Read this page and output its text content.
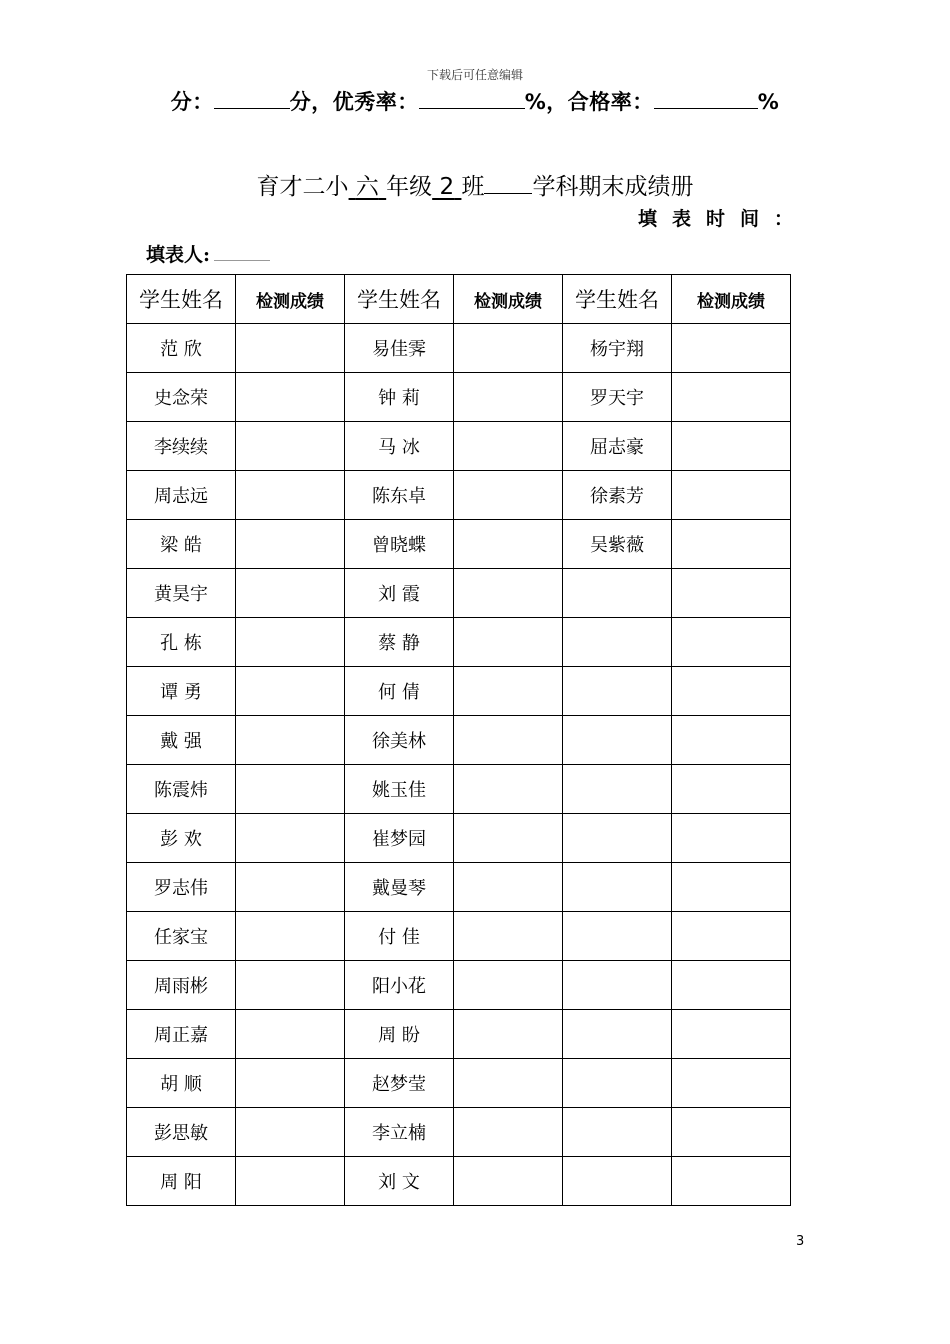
下载后可任意编辑
分：	分，优秀率：	%，合格率：	%
育才二小 六 年级 2 班 学科期末成绩册
填表时间：
填表人:
学生姓名	检测成绩	学生姓名	检测成绩	学生姓名	检测成绩
范 欣		易佳霁		杨宇翔	
史念荣		钟 莉		罗天宇	
李续续		马 冰		屈志豪	
周志远		陈东卓		徐素芳	
梁 皓		曾晓蝶		吴紫薇	
黄昊宇		刘 霞			
孔 栋		蔡 静			
谭 勇		何 倩			
戴 强		徐美林			
陈震炜		姚玉佳			
彭 欢		崔梦园			
罗志伟		戴曼琴			
任家宝		付 佳			
周雨彬		阳小花			
周正嘉		周 盼			
胡 顺		赵梦莹			
彭思敏		李立楠			
周 阳		刘 文			
3
